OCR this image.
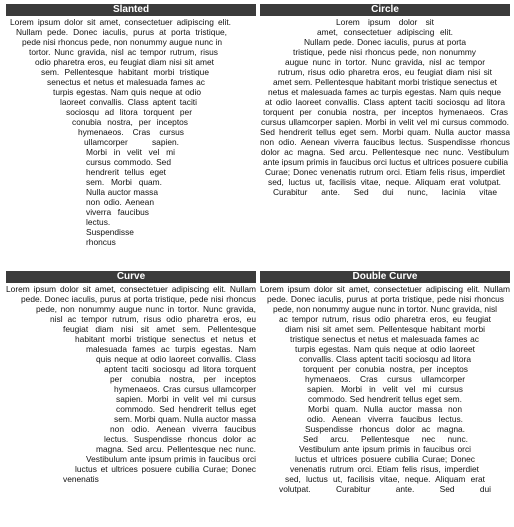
Slanted
Lorem ipsum dolor sit amet, consectetuer adipiscing elit.
Nullam pede. Donec iaculis, purus at porta tristique,
pede nisi rhoncus pede, non nonummy augue nunc in
tortor. Nunc gravida, nisl ac tempor rutrum, risus
odio pharetra eros, eu feugiat diam nisi sit amet
sem. Pellentesque habitant morbi tristique
senectus et netus et malesuada fames ac
turpis egestas. Nam quis neque at odio
laoreet convallis. Class aptent taciti
sociosqu ad litora torquent per
conubia nostra, per inceptos
hymenaeos. Cras cursus
ullamcorper sapien.
Morbi in velit vel mi
cursus commodo. Sed
hendrerit tellus eget
sem. Morbi quam.
Nulla auctor massa
non odio. Aenean
viverra faucibus
lectus.
Suspendisse
rhoncus
Circle
Lorem ipsum dolor sit
amet, consectetuer adipiscing elit.
Nullam pede. Donec iaculis, purus at porta
tristique, pede nisi rhoncus pede, non nonummy
augue nunc in tortor. Nunc gravida, nisl ac tempor
rutrum, risus odio pharetra eros, eu feugiat diam nisi sit
amet sem. Pellentesque habitant morbi tristique senectus et
netus et malesuada fames ac turpis egestas. Nam quis neque
at odio laoreet convallis. Class aptent taciti sociosqu ad litora
torquent per conubia nostra, per inceptos hymenaeos. Cras
cursus ullamcorper sapien. Morbi in velit vel mi cursus commodo.
Sed hendrerit tellus eget sem. Morbi quam. Nulla auctor massa
non odio. Aenean viverra faucibus lectus. Suspendisse rhoncus
dolor ac magna. Sed arcu. Pellentesque nec nunc. Vestibulum
ante ipsum primis in faucibus orci luctus et ultrices posuere cubilia
Curae; Donec venenatis rutrum orci. Etiam felis risus, imperdiet
sed, luctus ut, facilisis vitae, neque. Aliquam erat volutpat.
Curabitur ante. Sed dui nunc, lacinia vitae
Curve
Lorem ipsum dolor sit amet, consectetuer adipiscing elit. Nullam
pede. Donec iaculis, purus at porta tristique, pede nisi rhoncus
pede, non nonummy augue nunc in tortor. Nunc gravida,
nisl ac tempor rutrum, risus odio pharetra eros, eu
feugiat diam nisi sit amet sem. Pellentesque
habitant morbi tristique senectus et netus et
malesuada fames ac turpis egestas. Nam
quis neque at odio laoreet convallis. Class
aptent taciti sociosqu ad litora torquent
per conubia nostra, per inceptos
hymenaeos. Cras cursus ullamcorper
sapien. Morbi in velit vel mi cursus
commodo. Sed hendrerit tellus eget
sem. Morbi quam. Nulla auctor massa
non odio. Aenean viverra faucibus
lectus. Suspendisse rhoncus dolor ac
magna. Sed arcu. Pellentesque nec nunc.
Vestibulum ante ipsum primis in faucibus orci
luctus et ultrices posuere cubilia Curae; Donec
venenatis
Double Curve
Lorem ipsum dolor sit amet, consectetuer adipiscing elit. Nullam
pede. Donec iaculis, purus at porta tristique, pede nisi rhoncus
pede, non nonummy augue nunc in tortor. Nunc gravida, nisl
ac tempor rutrum, risus odio pharetra eros, eu feugiat
diam nisi sit amet sem. Pellentesque habitant morbi
tristique senectus et netus et malesuada fames ac
turpis egestas. Nam quis neque at odio laoreet
convallis. Class aptent taciti sociosqu ad litora
torquent per conubia nostra, per inceptos
hymenaeos. Cras cursus ullamcorper
sapien. Morbi in velit vel mi cursus
commodo. Sed hendrerit tellus eget sem.
Morbi quam. Nulla auctor massa non
odio. Aenean viverra faucibus lectus.
Suspendisse rhoncus dolor ac magna.
Sed arcu. Pellentesque nec nunc.
Vestibulum ante ipsum primis in faucibus orci
luctus et ultrices posuere cubilia Curae; Donec
venenatis rutrum orci. Etiam felis risus, imperdiet
sed, luctus ut, facilisis vitae, neque. Aliquam erat
volutpat. Curabitur ante. Sed dui
